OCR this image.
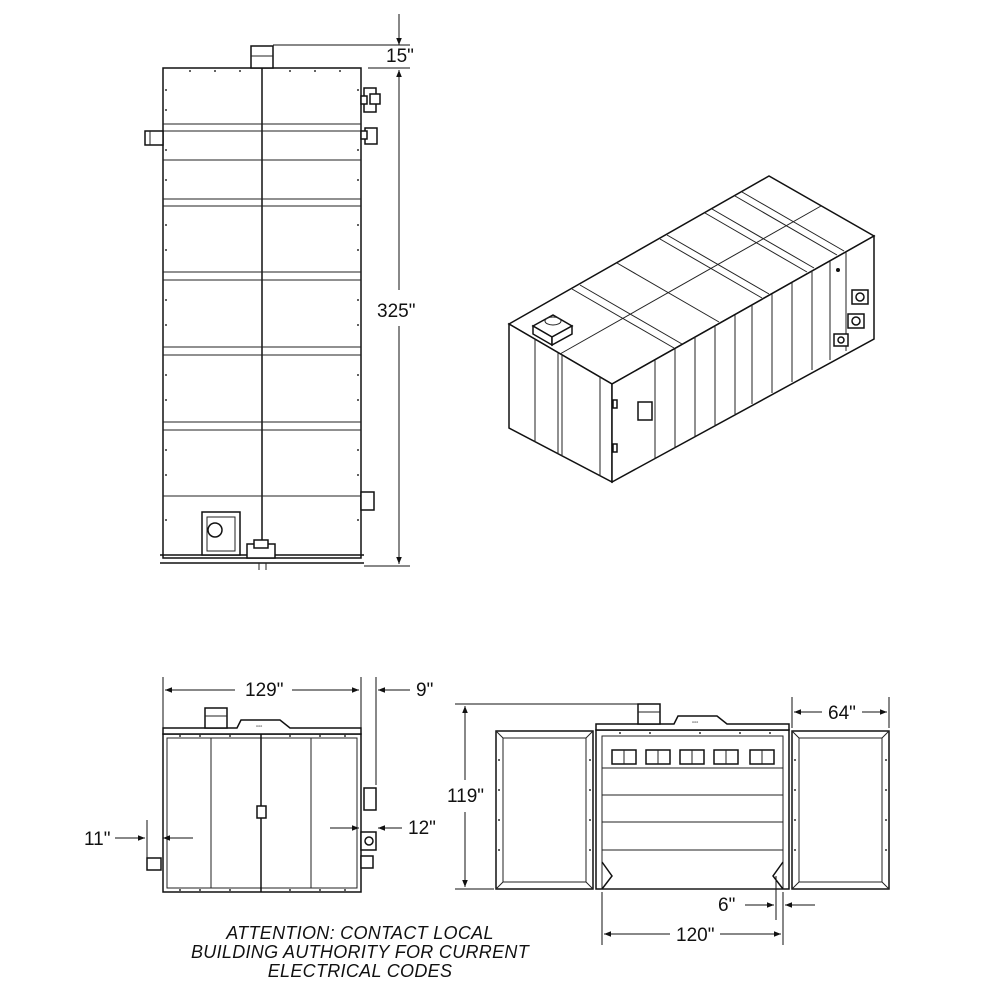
15"
325"
▫▫▫
129"	9"
11"
12"
▫▫▫
119"
64"
120"
6"
ATTENTION: CONTACT LOCAL
BUILDING AUTHORITY FOR CURRENT
ELECTRICAL CODES
